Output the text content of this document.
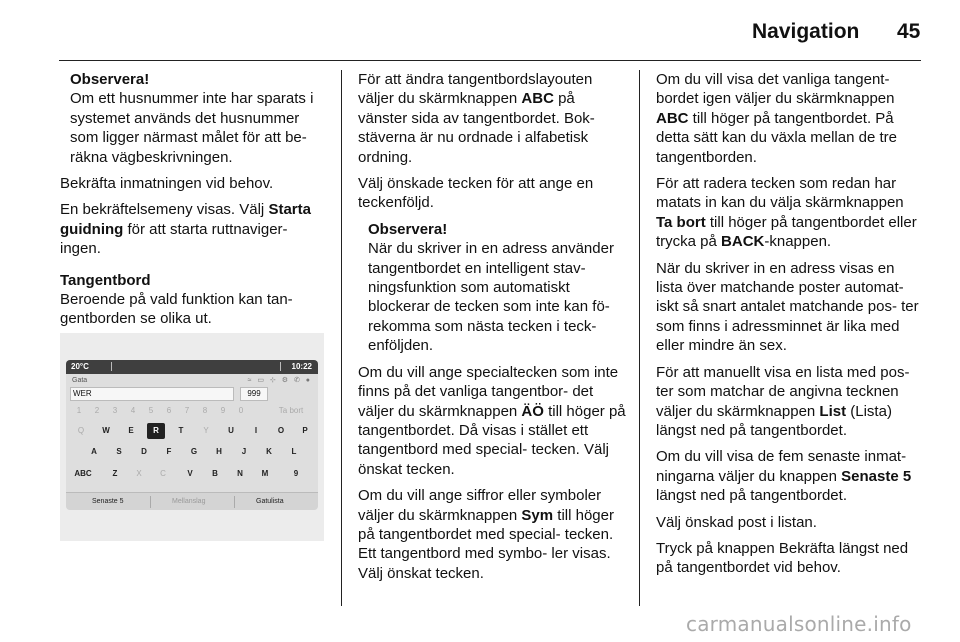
Navigation 45
Observera!
Om ett husnummer inte har sparats i systemet används det husnummer som ligger närmast målet för att be- räkna vägbeskrivningen.

Bekräfta inmatningen vid behov.

En bekräftelsemeny visas. Välj Starta guidning för att starta ruttnaviger- ingen.

Tangentbord
Beroende på vald funktion kan tan- gentborden se olika ut.

20°C	10:22
Gata	≈ ▭ ⊹ ⚙ ✆ ●
WER	999
1	2	3	4	5	6	7	8	9	0	Ta bort
Q	W	E	R	T	Y	U	I	O	P
A	S	D	F	G	H	J	K	L
ABC	Z	X	C	V	B	N	M	9
Senaste 5	Mellanslag	Gatulista

För att ändra tangentbordslayouten väljer du skärmknappen ABC på vänster sida av tangentbordet. Bok- stäverna är nu ordnade i alfabetisk ordning.

Välj önskade tecken för att ange en teckenföljd.

Observera!
När du skriver in en adress använder tangentbordet en intelligent stav- ningsfunktion som automatiskt blockerar de tecken som inte kan fö- rekomma som nästa tecken i teck- enföljden.

Om du vill ange specialtecken som inte finns på det vanliga tangentbor- det väljer du skärmknappen ÄÖ till höger på tangentbordet. Då visas i stället ett tangentbord med special- tecken. Välj önskat tecken.

Om du vill ange siffror eller symboler väljer du skärmknappen Sym till höger på tangentbordet med special- tecken. Ett tangentbord med symbo- ler visas. Välj önskat tecken.

Om du vill visa det vanliga tangent- bordet igen väljer du skärmknappen ABC till höger på tangentbordet. På detta sätt kan du växla mellan de tre tangentborden.

För att radera tecken som redan har matats in kan du välja skärmknappen Ta bort till höger på tangentbordet eller trycka på BACK-knappen.

När du skriver in en adress visas en lista över matchande poster automat- iskt så snart antalet matchande pos- ter som finns i adressminnet är lika med eller mindre än sex.

För att manuellt visa en lista med pos- ter som matchar de angivna tecknen väljer du skärmknappen List (Lista) längst ned på tangentbordet.

Om du vill visa de fem senaste inmat- ningarna väljer du knappen Senaste 5 längst ned på tangentbordet.

Välj önskad post i listan.

Tryck på knappen Bekräfta längst ned på tangentbordet vid behov.

carmanualsonline.info
